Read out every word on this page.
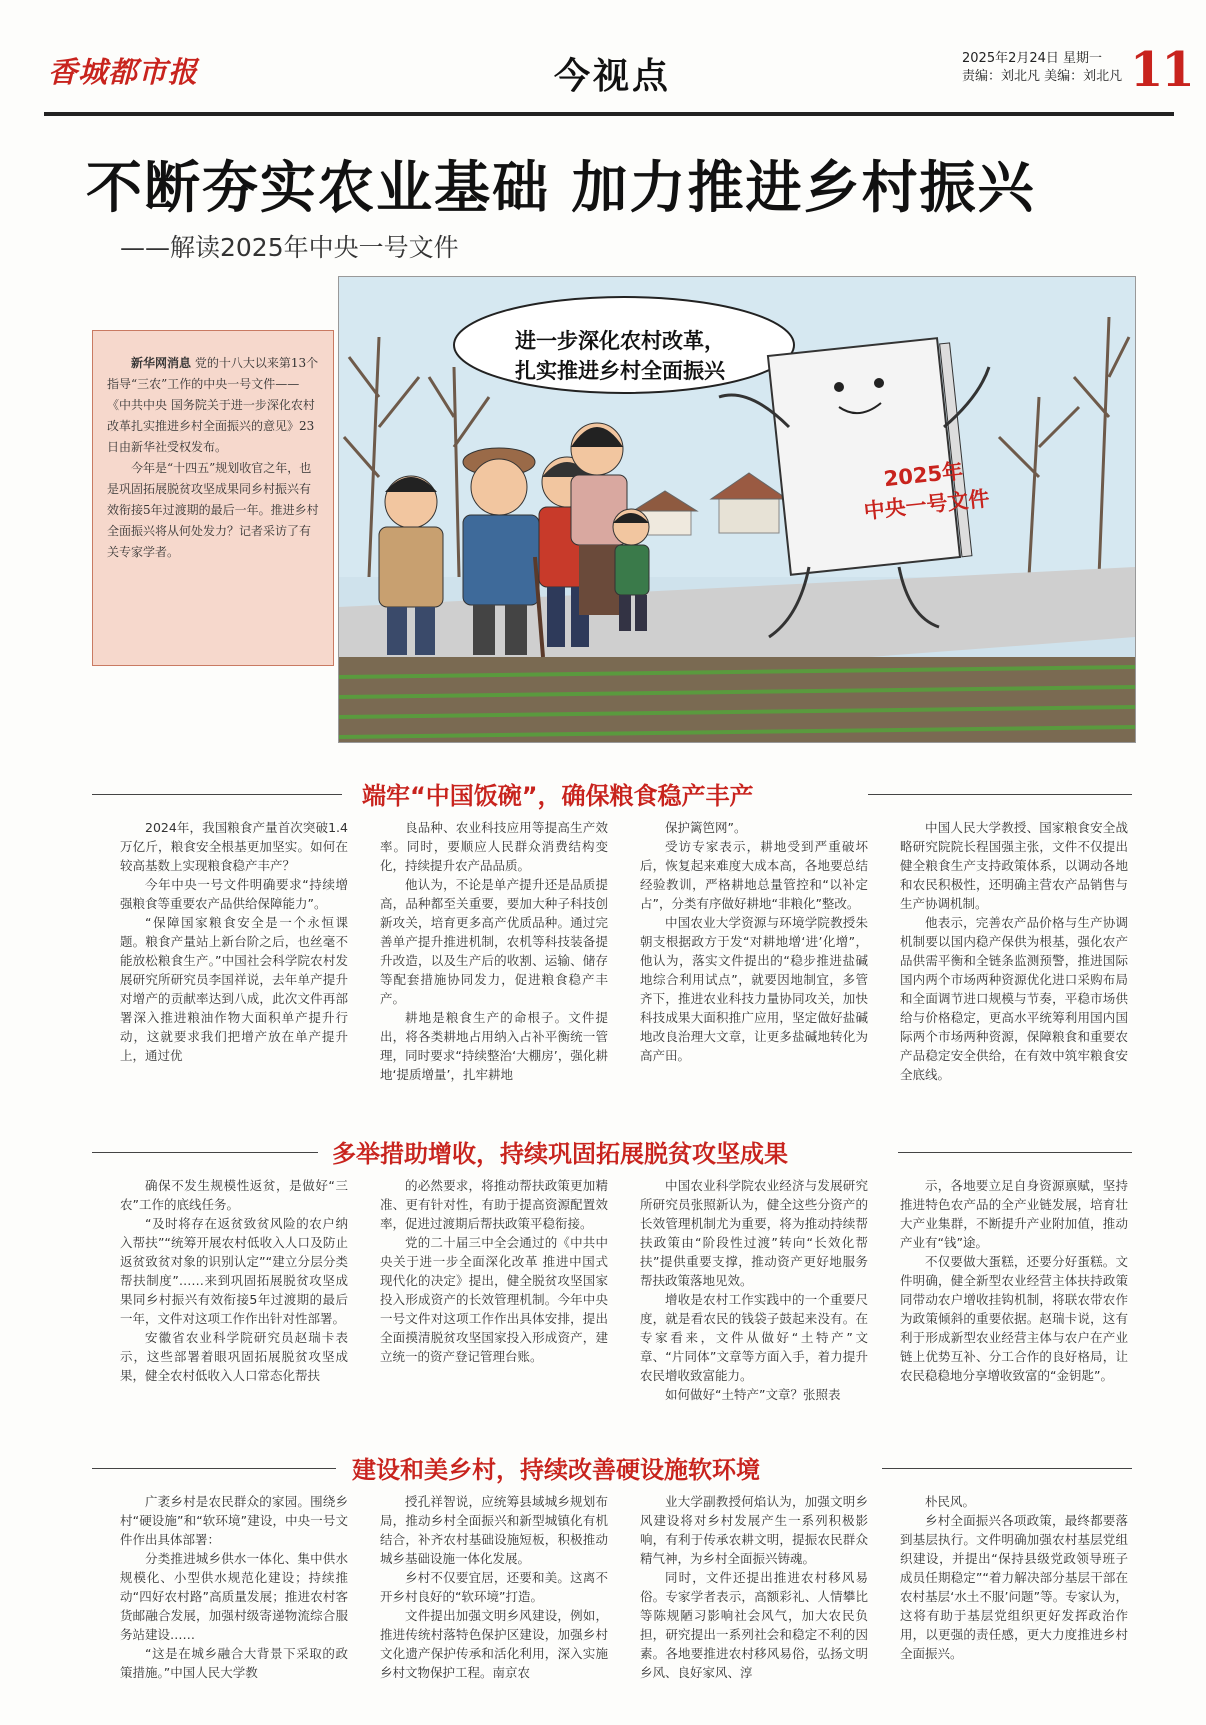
香城都市报	今视点	2025年2月24日 星期一
责编：刘北凡 美编：刘北凡 11
不断夯实农业基础 加力推进乡村振兴
——解读2025年中央一号文件
进一步深化农村改革，
扎实推进乡村全面振兴
2025年
中央一号文件

新华网消息 党的十八大以来第13个指导“三农”工作的中央一号文件——《中共中央 国务院关于进一步深化农村改革扎实推进乡村全面振兴的意见》23日由新华社受权发布。

今年是“十四五”规划收官之年，也是巩固拓展脱贫攻坚成果同乡村振兴有效衔接5年过渡期的最后一年。推进乡村全面振兴将从何处发力？记者采访了有关专家学者。

端牢“中国饭碗”，确保粮食稳产丰产

2024年，我国粮食产量首次突破1.4万亿斤，粮食安全根基更加坚实。如何在较高基数上实现粮食稳产丰产？

今年中央一号文件明确要求“持续增强粮食等重要农产品供给保障能力”。

“保障国家粮食安全是一个永恒课题。粮食产量站上新台阶之后，也丝毫不能放松粮食生产。”中国社会科学院农村发展研究所研究员李国祥说，去年单产提升对增产的贡献率达到八成，此次文件再部署深入推进粮油作物大面积单产提升行动，这就要求我们把增产放在单产提升上，通过优

良品种、农业科技应用等提高生产效率。同时，要顺应人民群众消费结构变化，持续提升农产品品质。

他认为，不论是单产提升还是品质提高，品种都至关重要，要加大种子科技创新攻关，培育更多高产优质品种。通过完善单产提升推进机制，农机等科技装备提升改造，以及生产后的收割、运输、储存等配套措施协同发力，促进粮食稳产丰产。

耕地是粮食生产的命根子。文件提出，将各类耕地占用纳入占补平衡统一管理，同时要求“持续整治‘大棚房’，强化耕地‘提质增量’，扎牢耕地

保护篱笆网”。

受访专家表示，耕地受到严重破坏后，恢复起来难度大成本高，各地要总结经验教训，严格耕地总量管控和“以补定占”，分类有序做好耕地“非粮化”整改。

中国农业大学资源与环境学院教授朱朝支根据政方于发“对耕地增‘进’化增”，他认为，落实文件提出的“稳步推进盐碱地综合利用试点”，就要因地制宜，多管齐下，推进农业科技力量协同攻关，加快科技成果大面积推广应用，坚定做好盐碱地改良治理大文章，让更多盐碱地转化为高产田。

中国人民大学教授、国家粮食安全战略研究院院长程国强主张，文件不仅提出健全粮食生产支持政策体系，以调动各地和农民积极性，还明确主营农产品销售与生产协调机制。

他表示，完善农产品价格与生产协调机制要以国内稳产保供为根基，强化农产品供需平衡和全链条监测预警，推进国际国内两个市场两种资源优化进口采购布局和全面调节进口规模与节奏，平稳市场供给与价格稳定，更高水平统筹利用国内国际两个市场两种资源，保障粮食和重要农产品稳定安全供给，在有效中筑牢粮食安全底线。

多举措助增收，持续巩固拓展脱贫攻坚成果

确保不发生规模性返贫，是做好“三农”工作的底线任务。

“及时将存在返贫致贫风险的农户纳入帮扶”“统筹开展农村低收入人口及防止返贫致贫对象的识别认定”“建立分层分类帮扶制度”……来到巩固拓展脱贫攻坚成果同乡村振兴有效衔接5年过渡期的最后一年，文件对这项工作作出针对性部署。

安徽省农业科学院研究员赵瑞卡表示，这些部署着眼巩固拓展脱贫攻坚成果，健全农村低收入人口常态化帮扶

的必然要求，将推动帮扶政策更加精准、更有针对性，有助于提高资源配置效率，促进过渡期后帮扶政策平稳衔接。

党的二十届三中全会通过的《中共中央关于进一步全面深化改革 推进中国式现代化的决定》提出，健全脱贫攻坚国家投入形成资产的长效管理机制。今年中央一号文件对这项工作作出具体安排，提出全面摸清脱贫攻坚国家投入形成资产，建立统一的资产登记管理台账。

中国农业科学院农业经济与发展研究所研究员张照新认为，健全这些分资产的长效管理机制尤为重要，将为推动持续帮扶政策由“阶段性过渡”转向“长效化帮扶”提供重要支撑，推动资产更好地服务帮扶政策落地见效。

增收是农村工作实践中的一个重要尺度，就是看农民的钱袋子鼓起来没有。在专家看来，文件从做好“土特产”文章、“片同体”文章等方面入手，着力提升农民增收致富能力。

如何做好“土特产”文章？张照表

示，各地要立足自身资源禀赋，坚持推进特色农产品的全产业链发展，培育壮大产业集群，不断提升产业附加值，推动产业有“钱”途。

不仅要做大蛋糕，还要分好蛋糕。文件明确，健全新型农业经营主体扶持政策同带动农户增收挂钩机制，将联农带农作为政策倾斜的重要依据。赵瑞卡说，这有利于形成新型农业经营主体与农户在产业链上优势互补、分工合作的良好格局，让农民稳稳地分享增收致富的“金钥匙”。

建设和美乡村，持续改善硬设施软环境

广袤乡村是农民群众的家园。围绕乡村“硬设施”和“软环境”建设，中央一号文件作出具体部署：

分类推进城乡供水一体化、集中供水规模化、小型供水规范化建设；持续推动“四好农村路”高质量发展；推进农村客货邮融合发展，加强村级寄递物流综合服务站建设……

“这是在城乡融合大背景下采取的政策措施。”中国人民大学教

授孔祥智说，应统筹县域城乡规划布局，推动乡村全面振兴和新型城镇化有机结合，补齐农村基础设施短板，积极推动城乡基础设施一体化发展。

乡村不仅要宜居，还要和美。这离不开乡村良好的“软环境”打造。

文件提出加强文明乡风建设，例如，推进传统村落特色保护区建设，加强乡村文化遗产保护传承和活化利用，深入实施乡村文物保护工程。南京农

业大学副教授何焰认为，加强文明乡风建设将对乡村发展产生一系列积极影响，有利于传承农耕文明，提振农民群众精气神，为乡村全面振兴铸魂。

同时，文件还提出推进农村移风易俗。专家学者表示，高额彩礼、人情攀比等陈规陋习影响社会风气，加大农民负担，研究提出一系列社会和稳定不利的因素。各地要推进农村移风易俗，弘扬文明乡风、良好家风、淳

朴民风。

乡村全面振兴各项政策，最终都要落到基层执行。文件明确加强农村基层党组织建设，并提出“保持县级党政领导班子成员任期稳定”“着力解决部分基层干部在农村基层‘水土不服’问题”等。专家认为，这将有助于基层党组织更好发挥政治作用，以更强的责任感，更大力度推进乡村全面振兴。
